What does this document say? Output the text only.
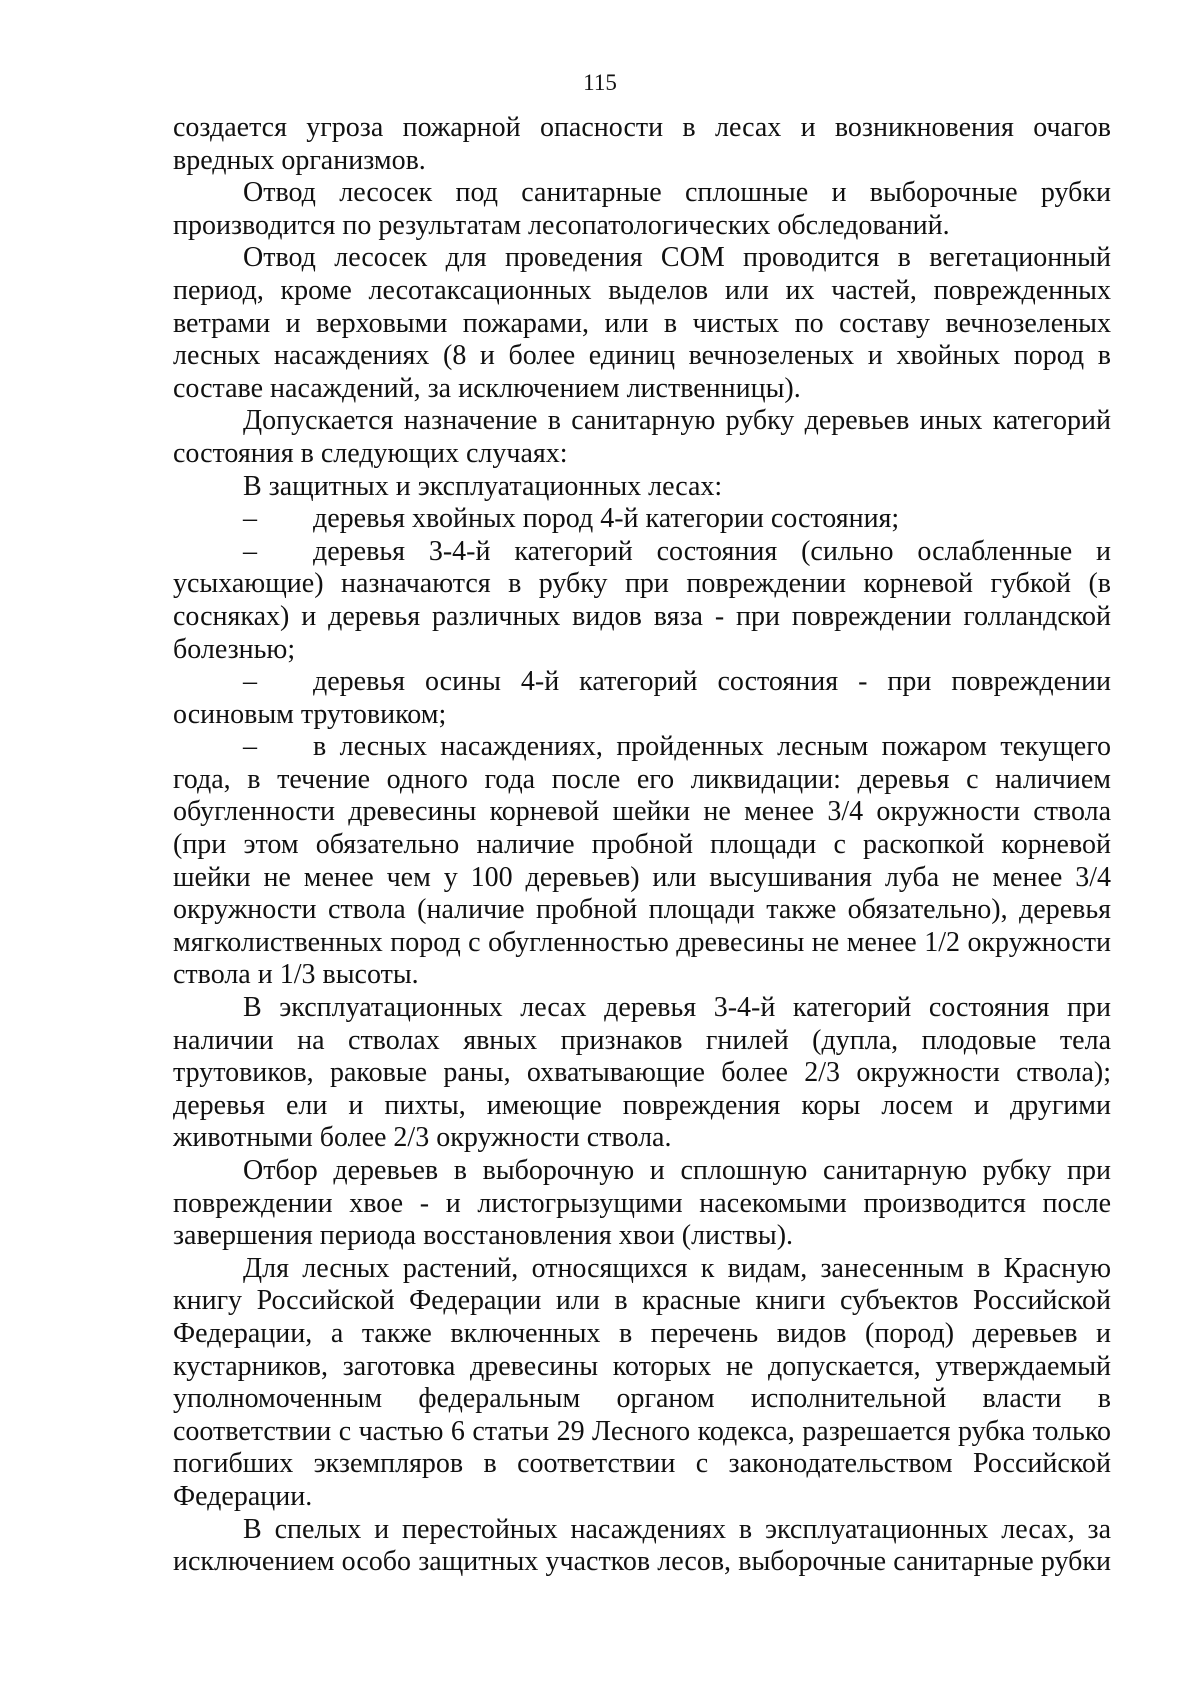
115

создается угроза пожарной опасности в лесах и возникновения очагов вредных организмов.

Отвод лесосек под санитарные сплошные и выборочные рубки производится по результатам лесопатологических обследований.

Отвод лесосек для проведения СОМ проводится в вегетационный период, кроме лесотаксационных выделов или их частей, поврежденных ветрами и верховыми пожарами, или в чистых по составу вечнозеленых лесных насаждениях (8 и более единиц вечнозеленых и хвойных пород в составе насаждений, за исключением лиственницы).

Допускается назначение в санитарную рубку деревьев иных категорий состояния в следующих случаях:

В защитных и эксплуатационных лесах:

– деревья хвойных пород 4-й категории состояния;

– деревья 3-4-й категорий состояния (сильно ослабленные и усыхающие) назначаются в рубку при повреждении корневой губкой (в сосняках) и деревья различных видов вяза - при повреждении голландской болезнью;

– деревья осины 4-й категорий состояния - при повреждении осиновым трутовиком;

– в лесных насаждениях, пройденных лесным пожаром текущего года, в течение одного года после его ликвидации: деревья с наличием обугленности древесины корневой шейки не менее 3/4 окружности ствола (при этом обязательно наличие пробной площади с раскопкой корневой шейки не менее чем у 100 деревьев) или высушивания луба не менее 3/4 окружности ствола (наличие пробной площади также обязательно), деревья мягколиственных пород с обугленностью древесины не менее 1/2 окружности ствола и 1/3 высоты.

В эксплуатационных лесах деревья 3-4-й категорий состояния при наличии на стволах явных признаков гнилей (дупла, плодовые тела трутовиков, раковые раны, охватывающие более 2/3 окружности ствола); деревья ели и пихты, имеющие повреждения коры лосем и другими животными более 2/3 окружности ствола.

Отбор деревьев в выборочную и сплошную санитарную рубку при повреждении хвое - и листогрызущими насекомыми производится после завершения периода восстановления хвои (листвы).

Для лесных растений, относящихся к видам, занесенным в Красную книгу Российской Федерации или в красные книги субъектов Российской Федерации, а также включенных в перечень видов (пород) деревьев и кустарников, заготовка древесины которых не допускается, утверждаемый уполномоченным федеральным органом исполнительной власти в соответствии с частью 6 статьи 29 Лесного кодекса, разрешается рубка только погибших экземпляров в соответствии с законодательством Российской Федерации.

В спелых и перестойных насаждениях в эксплуатационных лесах, за исключением особо защитных участков лесов, выборочные санитарные рубки
